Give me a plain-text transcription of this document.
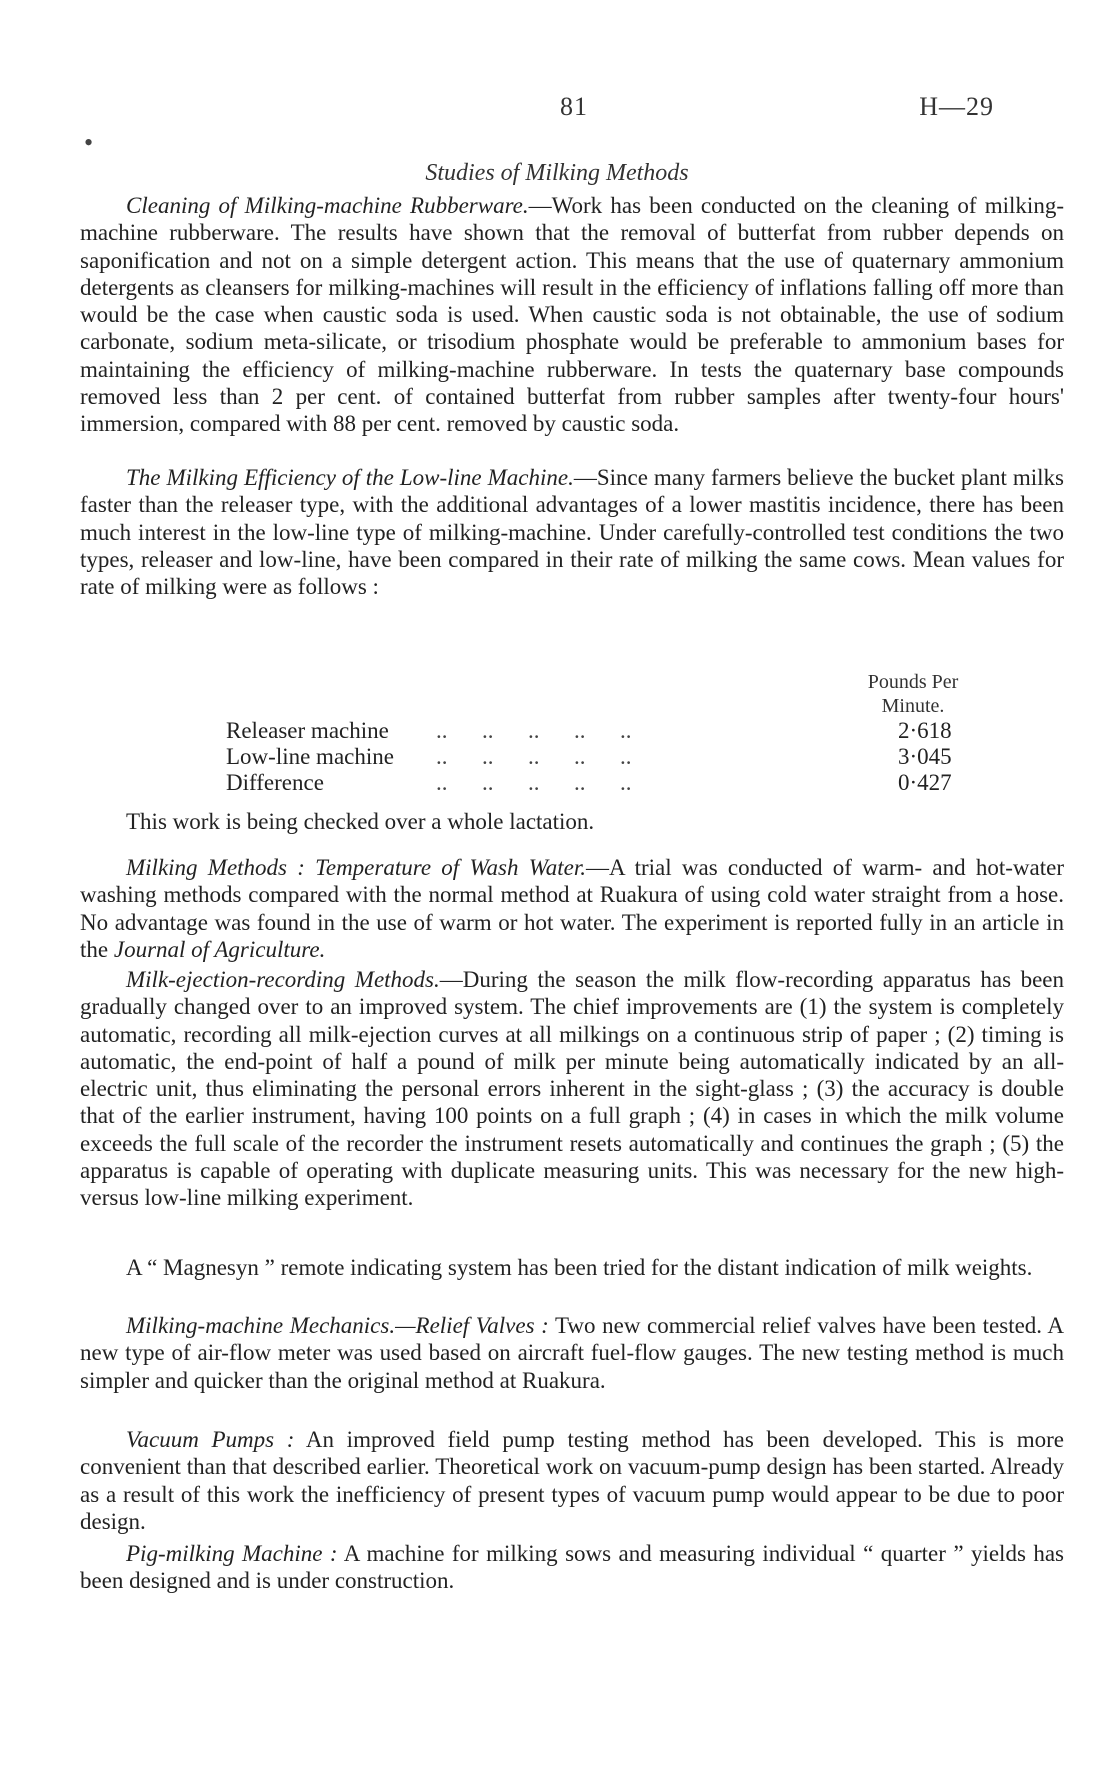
81	H—29
•
Studies of Milking Methods
Cleaning of Milking-machine Rubberware.—Work has been conducted on the cleaning of milking-machine rubberware. The results have shown that the removal of butterfat from rubber depends on saponification and not on a simple detergent action. This means that the use of quaternary ammonium detergents as cleansers for milking-machines will result in the efficiency of inflations falling off more than would be the case when caustic soda is used. When caustic soda is not obtainable, the use of sodium carbonate, sodium meta-silicate, or trisodium phosphate would be preferable to ammonium bases for maintaining the efficiency of milking-machine rubberware. In tests the quaternary base compounds removed less than 2 per cent. of contained butterfat from rubber samples after twenty-four hours' immersion, compared with 88 per cent. removed by caustic soda.
The Milking Efficiency of the Low-line Machine.—Since many farmers believe the bucket plant milks faster than the releaser type, with the additional advantages of a lower mastitis incidence, there has been much interest in the low-line type of milking-machine. Under carefully-controlled test conditions the two types, releaser and low-line, have been compared in their rate of milking the same cows. Mean values for rate of milking were as follows :
Pounds Per Minute.
Releaser machine ..      ..      ..      ..      ..	2·618
Low-line machine ..      ..      ..      ..      ..	3·045
Difference	..      ..      ..      ..      ..	0·427
This work is being checked over a whole lactation.
Milking Methods : Temperature of Wash Water.—A trial was conducted of warm- and hot-water washing methods compared with the normal method at Ruakura of using cold water straight from a hose. No advantage was found in the use of warm or hot water. The experiment is reported fully in an article in the Journal of Agriculture.
Milk-ejection-recording Methods.—During the season the milk flow-recording apparatus has been gradually changed over to an improved system. The chief improvements are (1) the system is completely automatic, recording all milk-ejection curves at all milkings on a continuous strip of paper ; (2) timing is automatic, the end-point of half a pound of milk per minute being automatically indicated by an all-electric unit, thus eliminating the personal errors inherent in the sight-glass ; (3) the accuracy is double that of the earlier instrument, having 100 points on a full graph ; (4) in cases in which the milk volume exceeds the full scale of the recorder the instrument resets automatically and continues the graph ; (5) the apparatus is capable of operating with duplicate measuring units. This was necessary for the new high- versus low-line milking experiment.
A “ Magnesyn ” remote indicating system has been tried for the distant indication of milk weights.
Milking-machine Mechanics.—Relief Valves : Two new commercial relief valves have been tested. A new type of air-flow meter was used based on aircraft fuel-flow gauges. The new testing method is much simpler and quicker than the original method at Ruakura.
Vacuum Pumps : An improved field pump testing method has been developed. This is more convenient than that described earlier. Theoretical work on vacuum-pump design has been started. Already as a result of this work the inefficiency of present types of vacuum pump would appear to be due to poor design.
Pig-milking Machine : A machine for milking sows and measuring individual “ quarter ” yields has been designed and is under construction.
